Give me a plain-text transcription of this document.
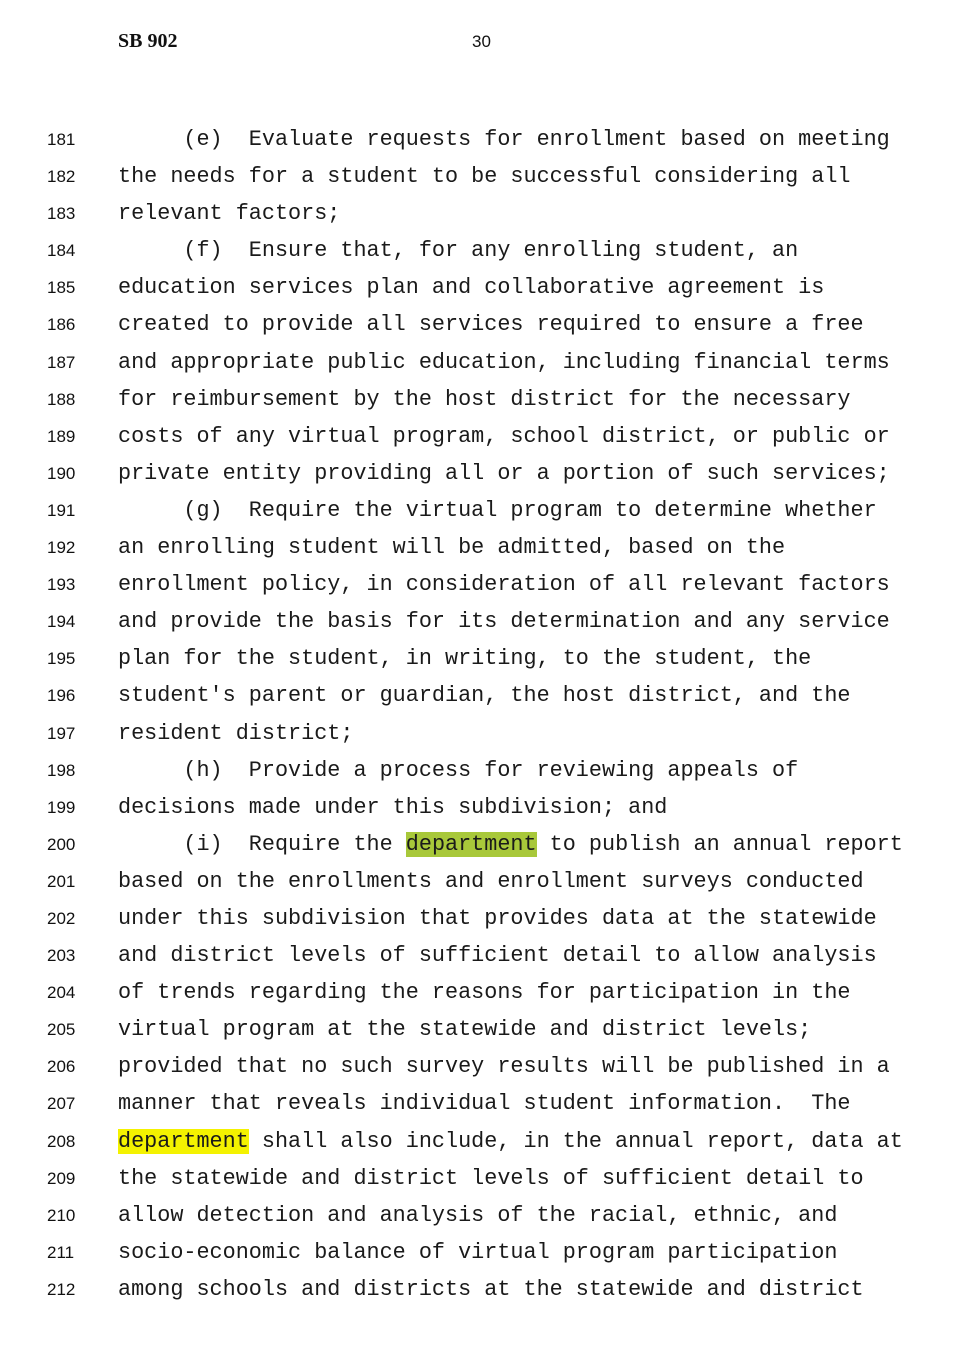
SB 902	30
181 (e)  Evaluate requests for enrollment based on meeting
182 the needs for a student to be successful considering all
183 relevant factors;
184 (f)  Ensure that, for any enrolling student, an
185 education services plan and collaborative agreement is
186 created to provide all services required to ensure a free
187 and appropriate public education, including financial terms
188 for reimbursement by the host district for the necessary
189 costs of any virtual program, school district, or public or
190 private entity providing all or a portion of such services;
191 (g)  Require the virtual program to determine whether
192 an enrolling student will be admitted, based on the
193 enrollment policy, in consideration of all relevant factors
194 and provide the basis for its determination and any service
195 plan for the student, in writing, to the student, the
196 student's parent or guardian, the host district, and the
197 resident district;
198 (h)  Provide a process for reviewing appeals of
199 decisions made under this subdivision; and
200 (i)  Require the department to publish an annual report
201 based on the enrollments and enrollment surveys conducted
202 under this subdivision that provides data at the statewide
203 and district levels of sufficient detail to allow analysis
204 of trends regarding the reasons for participation in the
205 virtual program at the statewide and district levels;
206 provided that no such survey results will be published in a
207 manner that reveals individual student information.  The
208 department shall also include, in the annual report, data at
209 the statewide and district levels of sufficient detail to
210 allow detection and analysis of the racial, ethnic, and
211 socio-economic balance of virtual program participation
212 among schools and districts at the statewide and district
